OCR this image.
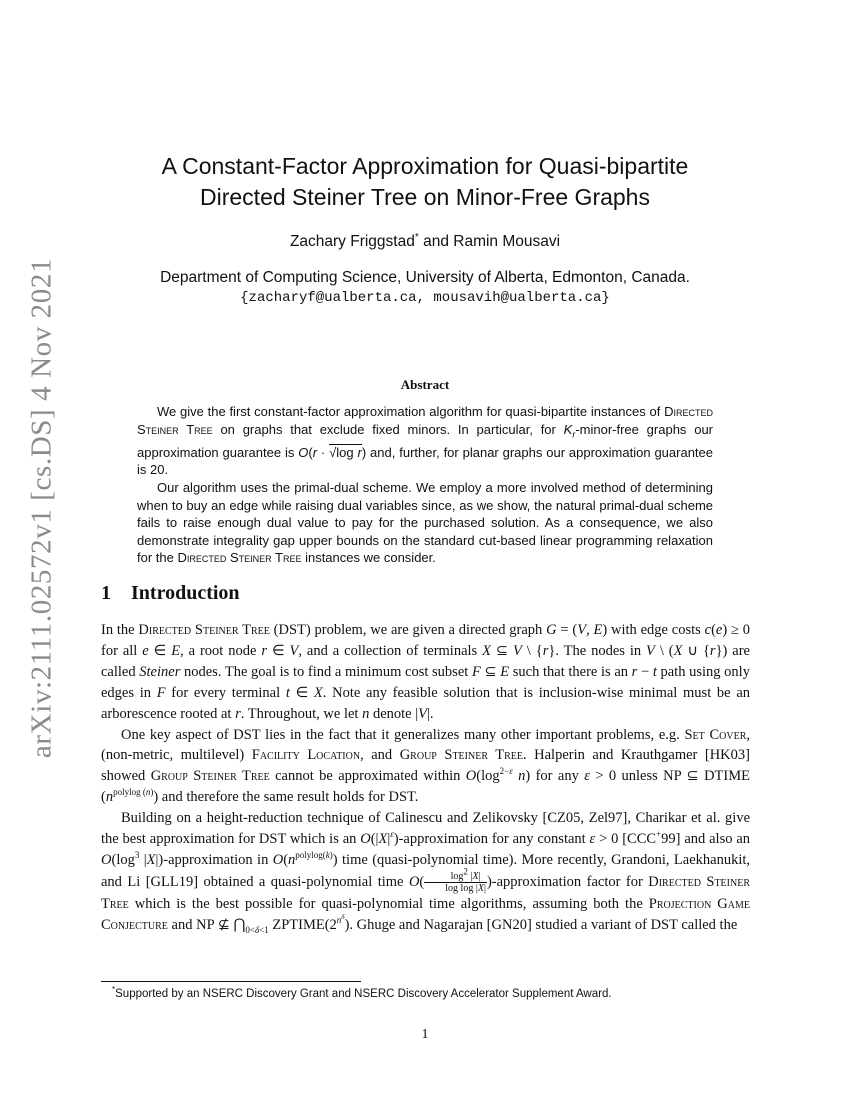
arXiv:2111.02572v1 [cs.DS] 4 Nov 2021
A Constant-Factor Approximation for Quasi-bipartite
Directed Steiner Tree on Minor-Free Graphs
Zachary Friggstad* and Ramin Mousavi
Department of Computing Science, University of Alberta, Edmonton, Canada.
{zacharyf@ualberta.ca, mousavih@ualberta.ca}
Abstract

We give the first constant-factor approximation algorithm for quasi-bipartite instances of Directed Steiner Tree on graphs that exclude fixed minors. In particular, for $K_r-minor$-free graphs our approximation guarantee is O(r · √log r) and, further, for planar graphs our approximation guarantee is 20.

Our algorithm uses the primal-dual scheme. We employ a more involved method of determining when to buy an edge while raising dual variables since, as we show, the natural primal-dual scheme fails to raise enough dual value to pay for the purchased solution. As a consequence, we also demonstrate integrality gap upper bounds on the standard cut-based linear programming relaxation for the Directed Steiner Tree instances we consider.

1 Introduction

In the Directed Steiner Tree (DST) problem, we are given a directed graph G = (V, E) with edge costs c(e) ≥ 0 for all e ∈ E, a root node r ∈ V, and a collection of terminals X ⊆ V \ {r}. The nodes in V \ (X ∪ {r}) are called Steiner nodes. The goal is to find a minimum cost subset F ⊆ E such that there is an r − t path using only edges in F for every terminal t ∈ X. Note any feasible solution that is inclusion-wise minimal must be an arborescence rooted at r. Throughout, we let n denote |V|.

One key aspect of DST lies in the fact that it generalizes many other important problems, e.g. Set Cover, (non-metric, multilevel) Facility Location, and Group Steiner Tree. Halperin and Krauthgamer [HK03] showed Group Steiner Tree cannot be approximated within $O(\log^{2-\varepsilon}$ n) for any ε > 0 unless NP ⊆ DTIME $(n^{polylog (n)})$ and therefore the same result holds for DST.

Building on a height-reduction technique of Calinescu and Zelikovsky [CZ05, Zel97], Charikar et al. give the best approximation for DST which is an $O(|X|^\varepsilon)$-approximation for any constant ε > 0 [CCC+99] and also an $O(\log^3$ |X|)-approximation in $O(n^{polylog(k)})$ time (quasi-polynomial time). More recently, Grandoni, Laekhanukit, and Li [GLL19] obtained a quasi-polynomial time $O( \frac{\log^2 |X|}{\text{log log |X|}}$ )-approximation factor for Directed Steiner Tree which is the best possible for quasi-polynomial time algorithms, assuming both the Projection Game Conjecture and NP ⊈ $⋂_{0<\delta<1}$ $ZPTIME(2^{n^\delta})$. Ghuge and Nagarajan [GN20] studied a variant of DST called the

*Supported by an NSERC Discovery Grant and NSERC Discovery Accelerator Supplement Award.
1
